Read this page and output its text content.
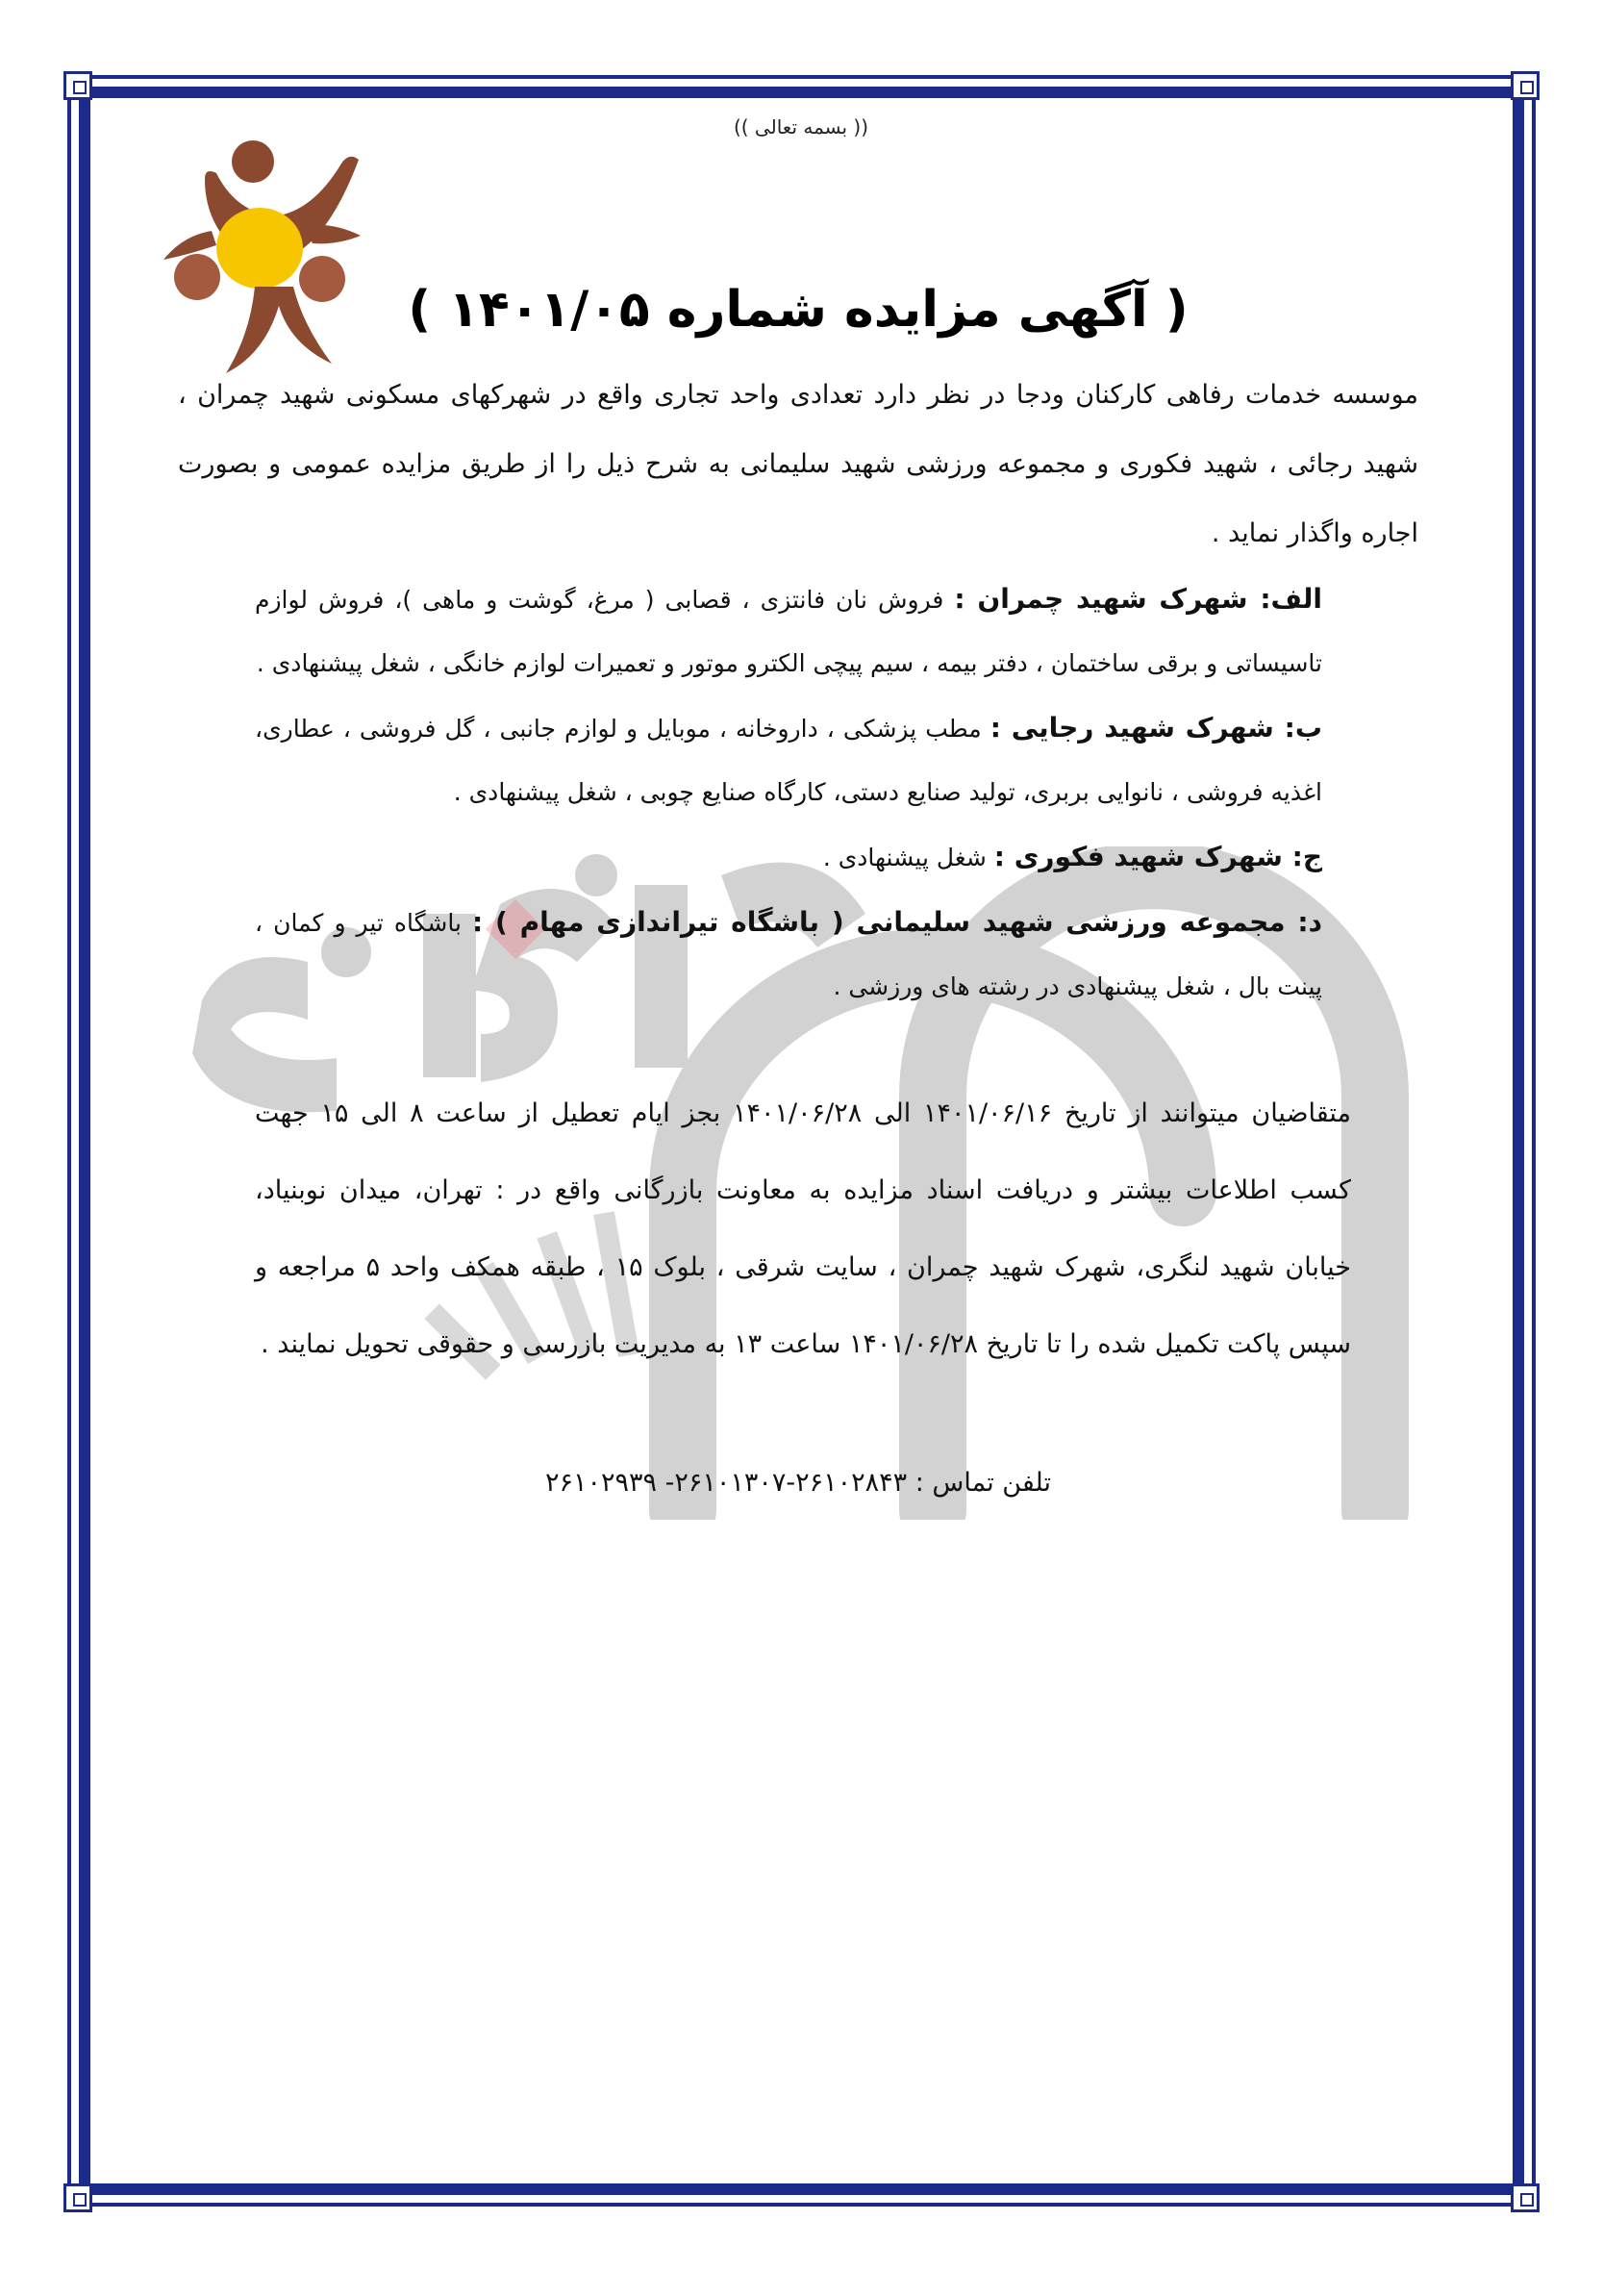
(( بسمه تعالی ))
( آگهی مزایده شماره ۱۴۰۱/۰۵ )
موسسه خدمات رفاهی کارکنان ودجا در نظر دارد تعدادی واحد تجاری واقع در شهرکهای مسکونی شهید چمران ، شهید رجائی ، شهید فکوری و مجموعه ورزشی شهید سلیمانی به شرح ذیل را از طریق مزایده عمومی و بصورت اجاره واگذار نماید .
الف: شهرک شهید چمران : فروش نان فانتزی ، قصابی ( مرغ، گوشت و ماهی )، فروش لوازم تاسیساتی و برقی ساختمان ، دفتر بیمه ، سیم پیچی الکترو موتور و تعمیرات لوازم خانگی ، شغل پیشنهادی .
ب: شهرک شهید رجایی : مطب پزشکی ، داروخانه ، موبایل و لوازم جانبی ، گل فروشی ، عطاری، اغذیه فروشی ، نانوایی بربری، تولید صنایع دستی، کارگاه صنایع چوبی ، شغل پیشنهادی .
ج: شهرک شهید فکوری : شغل پیشنهادی .
د: مجموعه ورزشی شهید سلیمانی ( باشگاه تیراندازی مهام ) : باشگاه تیر و کمان ، پینت بال ، شغل پیشنهادی در رشته های ورزشی .
متقاضیان میتوانند از تاریخ ۱۴۰۱/۰۶/۱۶ الی ۱۴۰۱/۰۶/۲۸ بجز ایام تعطیل از ساعت ۸ الی ۱۵ جهت کسب اطلاعات بیشتر و دریافت اسناد مزایده به معاونت بازرگانی واقع در : تهران، میدان نوبنیاد، خیابان شهید لنگری، شهرک شهید چمران ، سایت شرقی ، بلوک ۱۵ ، طبقه همکف واحد ۵ مراجعه و سپس پاکت تکمیل شده را تا تاریخ ۱۴۰۱/۰۶/۲۸ ساعت ۱۳ به مدیریت بازرسی و حقوقی تحویل نمایند .
تلفن تماس : ۲۶۱۰۲۸۴۳-۲۶۱۰۱۳۰۷- ۲۶۱۰۲۹۳۹
